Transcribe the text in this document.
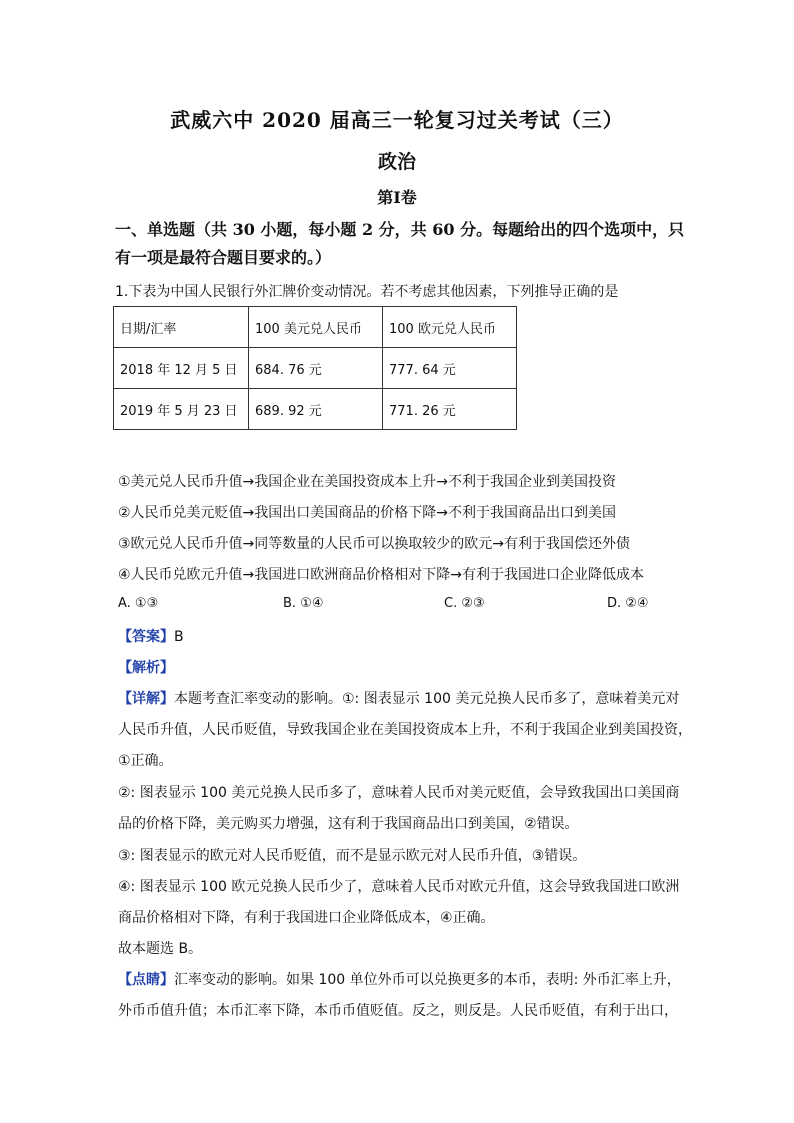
武威六中 2020 届高三一轮复习过关考试（三）
政治
第Ⅰ卷
一、单选题（共 30 小题，每小题 2 分，共 60 分。每题给出的四个选项中，只有一项是最符合题目要求的。）
1.下表为中国人民银行外汇牌价变动情况。若不考虑其他因素，下列推导正确的是
日期/汇率	100 美元兑人民币	100 欧元兑人民币
2018 年 12 月 5 日	684. 76 元	777. 64 元
2019 年 5 月 23 日	689. 92 元	771. 26 元
①美元兑人民币升值→我国企业在美国投资成本上升→不利于我国企业到美国投资
②人民币兑美元贬值→我国出口美国商品的价格下降→不利于我国商品出口到美国
③欧元兑人民币升值→同等数量的人民币可以换取较少的欧元→有利于我国偿还外债
④人民币兑欧元升值→我国进口欧洲商品价格相对下降→有利于我国进口企业降低成本
A. ①③	B. ①④	C. ②③	D. ②④
【答案】B
【解析】
【详解】本题考查汇率变动的影响。①: 图表显示 100 美元兑换人民币多了，意味着美元对
人民币升值，人民币贬值，导致我国企业在美国投资成本上升，不利于我国企业到美国投资，
①正确。
②: 图表显示 100 美元兑换人民币多了，意味着人民币对美元贬值，会导致我国出口美国商
品的价格下降，美元购买力增强，这有利于我国商品出口到美国，②错误。
③: 图表显示的欧元对人民币贬值，而不是显示欧元对人民币升值，③错误。
④: 图表显示 100 欧元兑换人民币少了，意味着人民币对欧元升值，这会导致我国进口欧洲
商品价格相对下降，有利于我国进口企业降低成本，④正确。
故本题选 B。
【点睛】汇率变动的影响。如果 100 单位外币可以兑换更多的本币，表明: 外币汇率上升，
外币币值升值；本币汇率下降，本币币值贬值。反之，则反是。人民币贬值，有利于出口，
